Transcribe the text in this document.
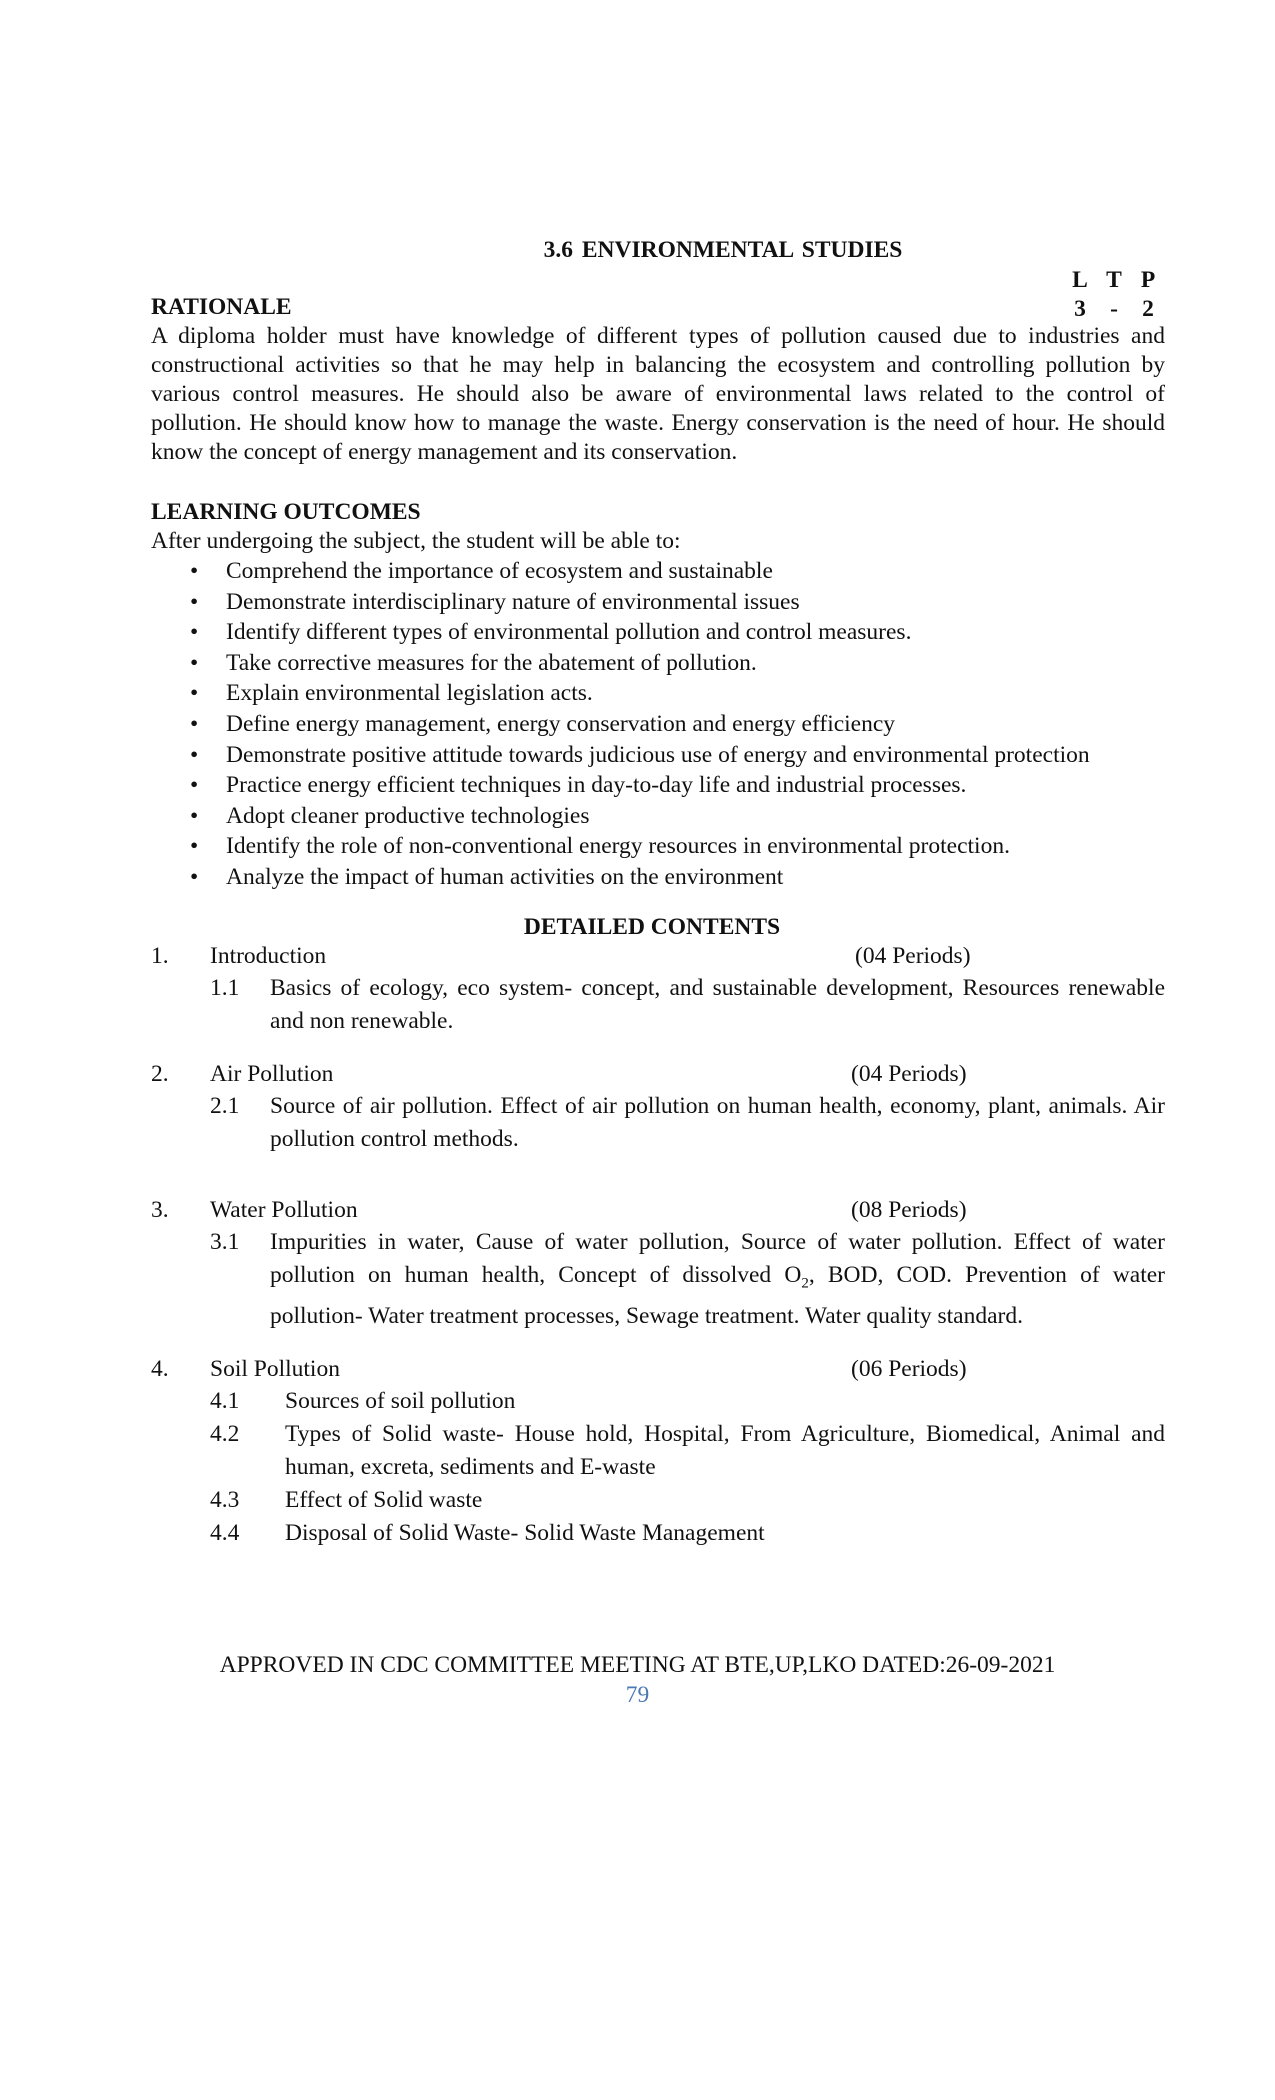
3.6 ENVIRONMENTAL STUDIES
L T P
3 - 2
RATIONALE

A diploma holder must have knowledge of different types of pollution caused due to industries and constructional activities so that he may help in balancing the ecosystem and controlling pollution by various control measures. He should also be aware of environmental laws related to the control of pollution. He should know how to manage the waste. Energy conservation is the need of hour. He should know the concept of energy management and its conservation.

LEARNING OUTCOMES
After undergoing the subject, the student will be able to:
• Comprehend the importance of ecosystem and sustainable
• Demonstrate interdisciplinary nature of environmental issues
• Identify different types of environmental pollution and control measures.
• Take corrective measures for the abatement of pollution.
• Explain environmental legislation acts.
• Define energy management, energy conservation and energy efficiency
• Demonstrate positive attitude towards judicious use of energy and environmental protection
• Practice energy efficient techniques in day-to-day life and industrial processes.
• Adopt cleaner productive technologies
• Identify the role of non-conventional energy resources in environmental protection.
• Analyze the impact of human activities on the environment
DETAILED CONTENTS
1. Introduction	(04 Periods)
1.1 Basics of ecology, eco system- concept, and sustainable development, Resources renewable and non renewable.
2. Air Pollution	(04 Periods)
2.1 Source of air pollution. Effect of air pollution on human health, economy, plant, animals. Air pollution control methods.
3. Water Pollution	(08 Periods)
3.1 Impurities in water, Cause of water pollution, Source of water pollution. Effect of water pollution on human health, Concept of dissolved $O_2$, BOD, COD. Prevention of water pollution- Water treatment processes, Sewage treatment. Water quality standard.
4. Soil Pollution	(06 Periods)
4.1 Sources of soil pollution
4.2 Types of Solid waste- House hold, Hospital, From Agriculture, Biomedical, Animal and human, excreta, sediments and E-waste
4.3 Effect of Solid waste
4.4 Disposal of Solid Waste- Solid Waste Management
APPROVED IN CDC COMMITTEE MEETING AT BTE,UP,LKO DATED:26-09-2021
79
